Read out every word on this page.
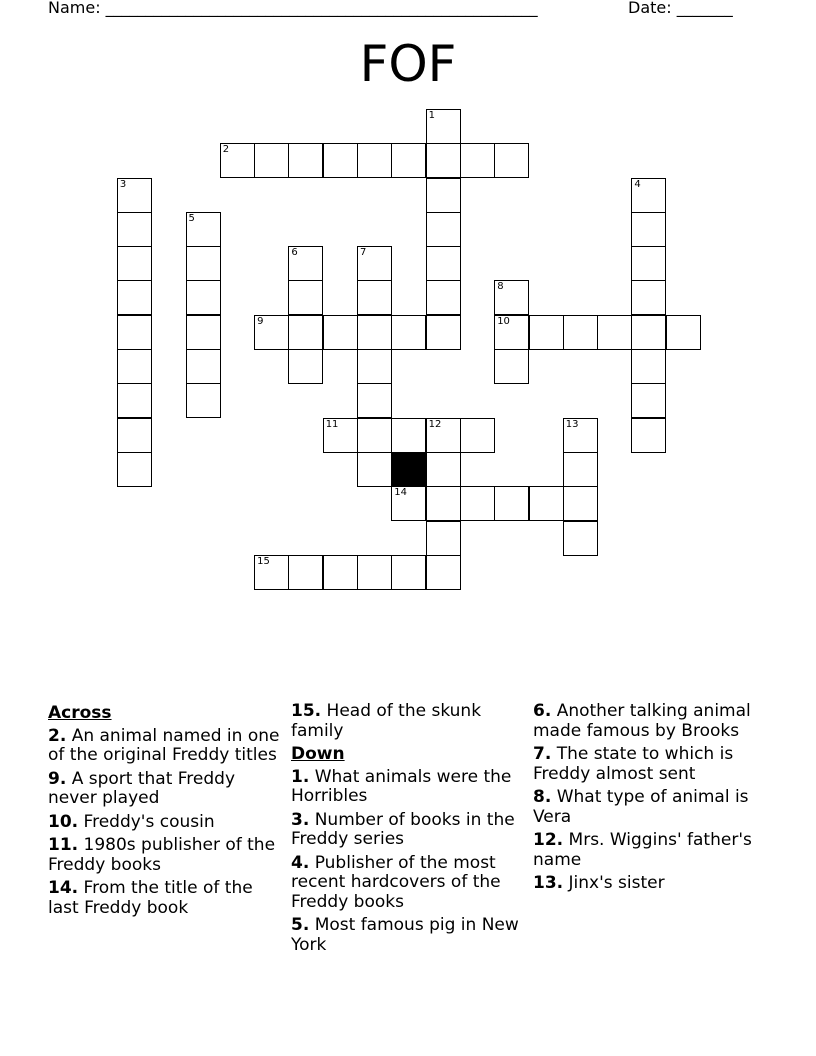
Name: ______________________________________________________	Date: _______
FOF
1
2
3	4
5
6	7
8
9	10
11	12	13
14
15
Across
2. An animal named in one of the original Freddy titles
9. A sport that Freddy never played
10. Freddy's cousin
11. 1980s publisher of the Freddy books
14. From the title of the last Freddy book
15. Head of the skunk family
Down
1. What animals were the Horribles
3. Number of books in the Freddy series
4. Publisher of the most recent hardcovers of the Freddy books
5. Most famous pig in New York
6. Another talking animal made famous by Brooks
7. The state to which is Freddy almost sent
8. What type of animal is Vera
12. Mrs. Wiggins' father's name
13. Jinx's sister
